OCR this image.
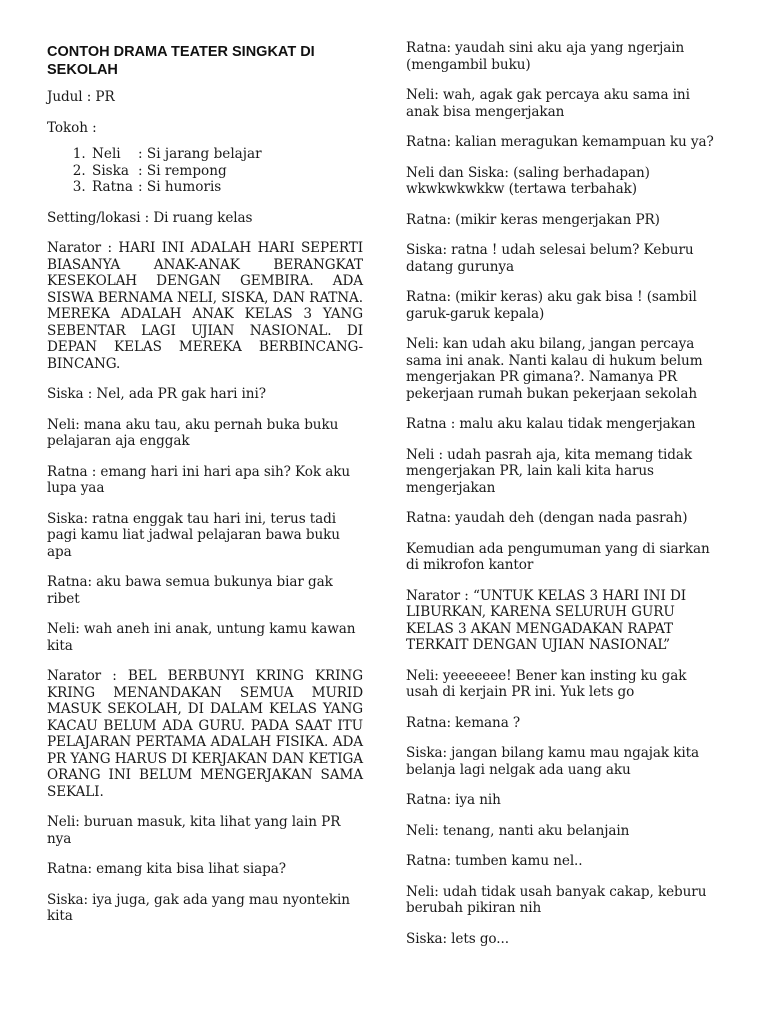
CONTOH DRAMA TEATER SINGKAT DI SEKOLAH

Judul : PR

Tokoh :

1. Neli : Si jarang belajar
2. Siska : Si rempong
3. Ratna : Si humoris

Setting/lokasi : Di ruang kelas

Narator : HARI INI ADALAH HARI SEPERTI BIASANYA ANAK-ANAK BERANGKAT KESEKOLAH DENGAN GEMBIRA. ADA SISWA BERNAMA NELI, SISKA, DAN RATNA. MEREKA ADALAH ANAK KELAS 3 YANG SEBENTAR LAGI UJIAN NASIONAL. DI DEPAN KELAS MEREKA BERBINCANG-BINCANG.

Siska : Nel, ada PR gak hari ini?

Neli: mana aku tau, aku pernah buka buku pelajaran aja enggak

Ratna : emang hari ini hari apa sih? Kok aku lupa yaa

Siska: ratna enggak tau hari ini, terus tadi pagi kamu liat jadwal pelajaran bawa buku apa

Ratna: aku bawa semua bukunya biar gak ribet

Neli: wah aneh ini anak, untung kamu kawan kita

Narator : BEL BERBUNYI KRING KRING KRING MENANDAKAN SEMUA MURID MASUK SEKOLAH, DI DALAM KELAS YANG KACAU BELUM ADA GURU. PADA SAAT ITU PELAJARAN PERTAMA ADALAH FISIKA. ADA PR YANG HARUS DI KERJAKAN DAN KETIGA ORANG INI BELUM MENGERJAKAN SAMA SEKALI.

Neli: buruan masuk, kita lihat yang lain PR nya

Ratna: emang kita bisa lihat siapa?

Siska: iya juga, gak ada yang mau nyontekin kita

Ratna: yaudah sini aku aja yang ngerjain (mengambil buku)

Neli: wah, agak gak percaya aku sama ini anak bisa mengerjakan

Ratna: kalian meragukan kemampuan ku ya?

Neli dan Siska: (saling berhadapan) wkwkwkwkkw (tertawa terbahak)

Ratna: (mikir keras mengerjakan PR)

Siska: ratna ! udah selesai belum? Keburu datang gurunya

Ratna: (mikir keras) aku gak bisa ! (sambil garuk-garuk kepala)

Neli: kan udah aku bilang, jangan percaya sama ini anak. Nanti kalau di hukum belum mengerjakan PR gimana?. Namanya PR pekerjaan rumah bukan pekerjaan sekolah

Ratna : malu aku kalau tidak mengerjakan

Neli : udah pasrah aja, kita memang tidak mengerjakan PR, lain kali kita harus mengerjakan

Ratna: yaudah deh (dengan nada pasrah)

Kemudian ada pengumuman yang di siarkan di mikrofon kantor

Narator : “UNTUK KELAS 3 HARI INI DI LIBURKAN, KARENA SELURUH GURU KELAS 3 AKAN MENGADAKAN RAPAT TERKAIT DENGAN UJIAN NASIONAL”

Neli: yeeeeeee! Bener kan insting ku gak usah di kerjain PR ini. Yuk lets go

Ratna: kemana ?

Siska: jangan bilang kamu mau ngajak kita belanja lagi nelgak ada uang aku

Ratna: iya nih

Neli: tenang, nanti aku belanjain

Ratna: tumben kamu nel..

Neli: udah tidak usah banyak cakap, keburu berubah pikiran nih

Siska: lets go...
